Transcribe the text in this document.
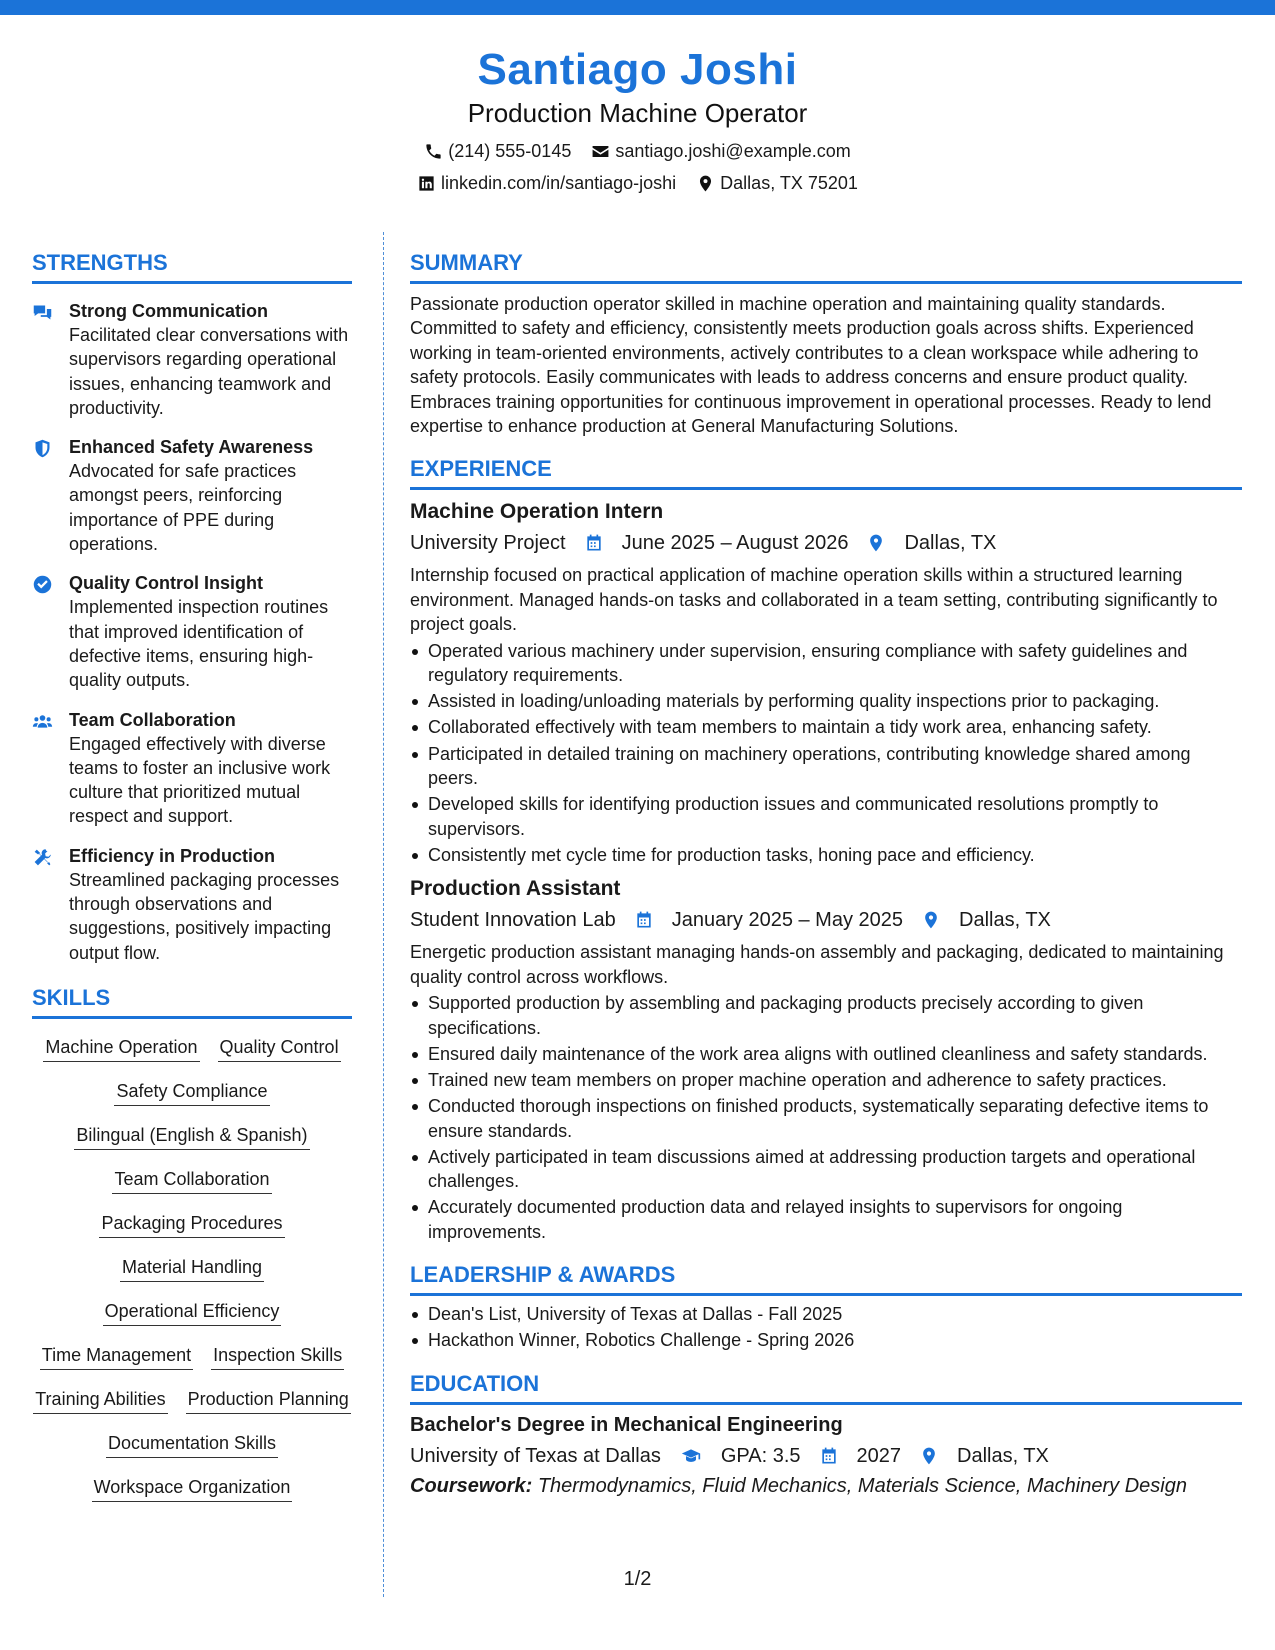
Santiago Joshi
Production Machine Operator
(214) 555-0145 santiago.joshi@example.com
linkedin.com/in/santiago-joshi Dallas, TX 75201
STRENGTHS
Strong Communication
Facilitated clear conversations with supervisors regarding operational issues, enhancing teamwork and productivity.
Enhanced Safety Awareness
Advocated for safe practices amongst peers, reinforcing importance of PPE during operations.
Quality Control Insight
Implemented inspection routines that improved identification of defective items, ensuring high-quality outputs.
Team Collaboration
Engaged effectively with diverse teams to foster an inclusive work culture that prioritized mutual respect and support.
Efficiency in Production
Streamlined packaging processes through observations and suggestions, positively impacting output flow.
SKILLS
Machine Operation Quality Control
Safety Compliance
Bilingual (English & Spanish)
Team Collaboration
Packaging Procedures
Material Handling
Operational Efficiency
Time Management Inspection Skills
Training Abilities Production Planning
Documentation Skills
Workspace Organization
SUMMARY
Passionate production operator skilled in machine operation and maintaining quality standards. Committed to safety and efficiency, consistently meets production goals across shifts. Experienced working in team-oriented environments, actively contributes to a clean workspace while adhering to safety protocols. Easily communicates with leads to address concerns and ensure product quality. Embraces training opportunities for continuous improvement in operational processes. Ready to lend expertise to enhance production at General Manufacturing Solutions.
EXPERIENCE
Machine Operation Intern
University Project	June 2025 – August 2026	Dallas, TX
Internship focused on practical application of machine operation skills within a structured learning environment. Managed hands-on tasks and collaborated in a team setting, contributing significantly to project goals.
Operated various machinery under supervision, ensuring compliance with safety guidelines and regulatory requirements.
Assisted in loading/unloading materials by performing quality inspections prior to packaging.
Collaborated effectively with team members to maintain a tidy work area, enhancing safety.
Participated in detailed training on machinery operations, contributing knowledge shared among peers.
Developed skills for identifying production issues and communicated resolutions promptly to supervisors.
Consistently met cycle time for production tasks, honing pace and efficiency.
Production Assistant
Student Innovation Lab	January 2025 – May 2025	Dallas, TX
Energetic production assistant managing hands-on assembly and packaging, dedicated to maintaining quality control across workflows.
Supported production by assembling and packaging products precisely according to given specifications.
Ensured daily maintenance of the work area aligns with outlined cleanliness and safety standards.
Trained new team members on proper machine operation and adherence to safety practices.
Conducted thorough inspections on finished products, systematically separating defective items to ensure standards.
Actively participated in team discussions aimed at addressing production targets and operational challenges.
Accurately documented production data and relayed insights to supervisors for ongoing improvements.
LEADERSHIP & AWARDS
Dean's List, University of Texas at Dallas - Fall 2025
Hackathon Winner, Robotics Challenge - Spring 2026
EDUCATION
Bachelor's Degree in Mechanical Engineering
University of Texas at Dallas	GPA: 3.5	2027	Dallas, TX
Coursework: Thermodynamics, Fluid Mechanics, Materials Science, Machinery Design
1/2
